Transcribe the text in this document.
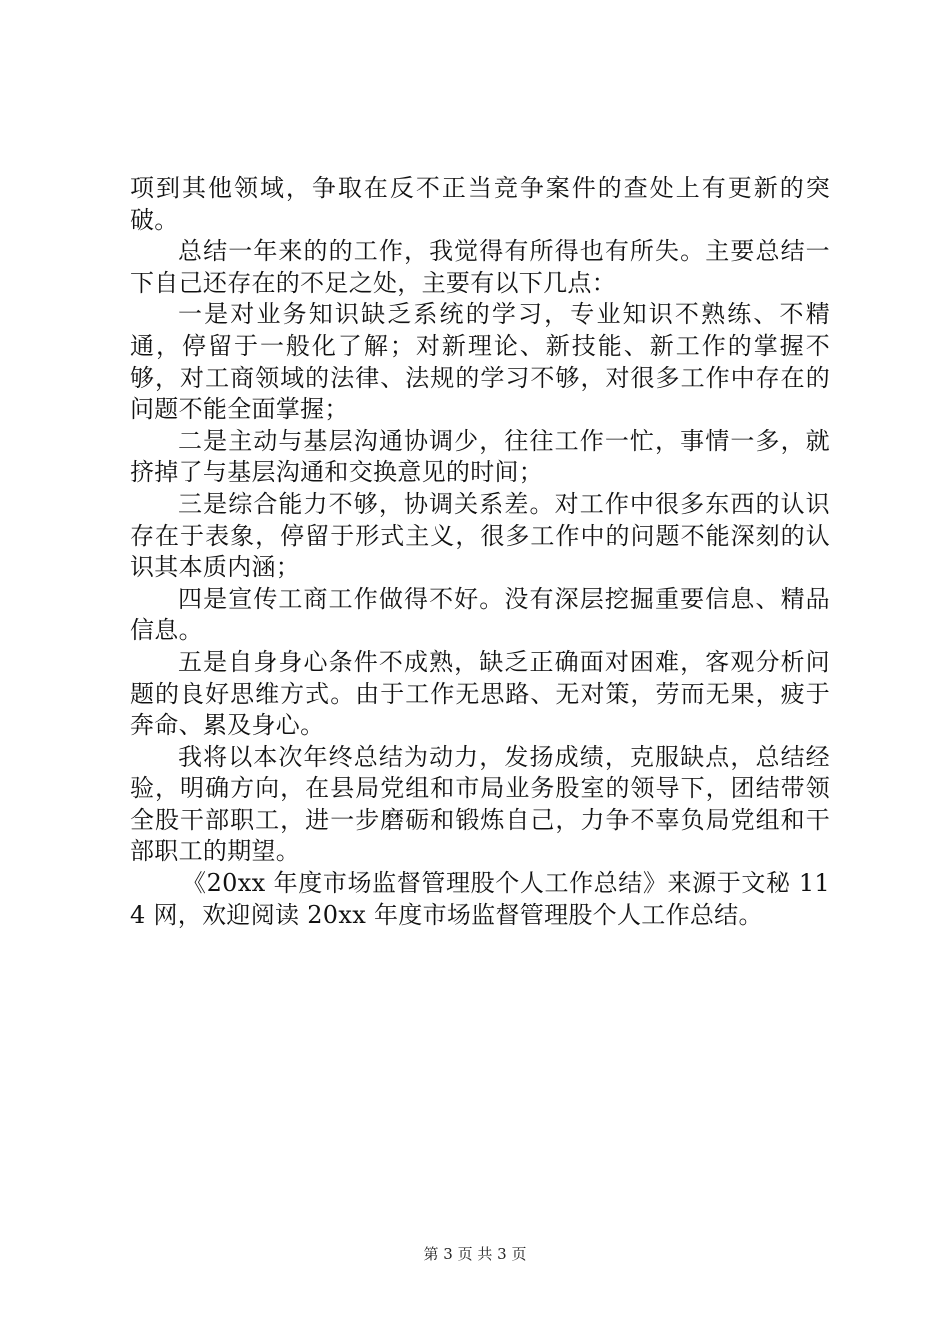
项到其他领域，争取在反不正当竞争案件的查处上有更新的突破。

总结一年来的的工作，我觉得有所得也有所失。主要总结一下自己还存在的不足之处，主要有以下几点：

一是对业务知识缺乏系统的学习，专业知识不熟练、不精通，停留于一般化了解；对新理论、新技能、新工作的掌握不够，对工商领域的法律、法规的学习不够，对很多工作中存在的问题不能全面掌握；

二是主动与基层沟通协调少，往往工作一忙，事情一多，就挤掉了与基层沟通和交换意见的时间；

三是综合能力不够，协调关系差。对工作中很多东西的认识存在于表象，停留于形式主义，很多工作中的问题不能深刻的认识其本质内涵；

四是宣传工商工作做得不好。没有深层挖掘重要信息、精品信息。

五是自身身心条件不成熟，缺乏正确面对困难，客观分析问题的良好思维方式。由于工作无思路、无对策，劳而无果，疲于奔命、累及身心。

我将以本次年终总结为动力，发扬成绩，克服缺点，总结经验，明确方向，在县局党组和市局业务股室的领导下，团结带领全股干部职工，进一步磨砺和锻炼自己，力争不辜负局党组和干部职工的期望。

《20xx 年度市场监督管理股个人工作总结》来源于文秘 114 网，欢迎阅读 20xx 年度市场监督管理股个人工作总结。

第 3 页 共 3 页
